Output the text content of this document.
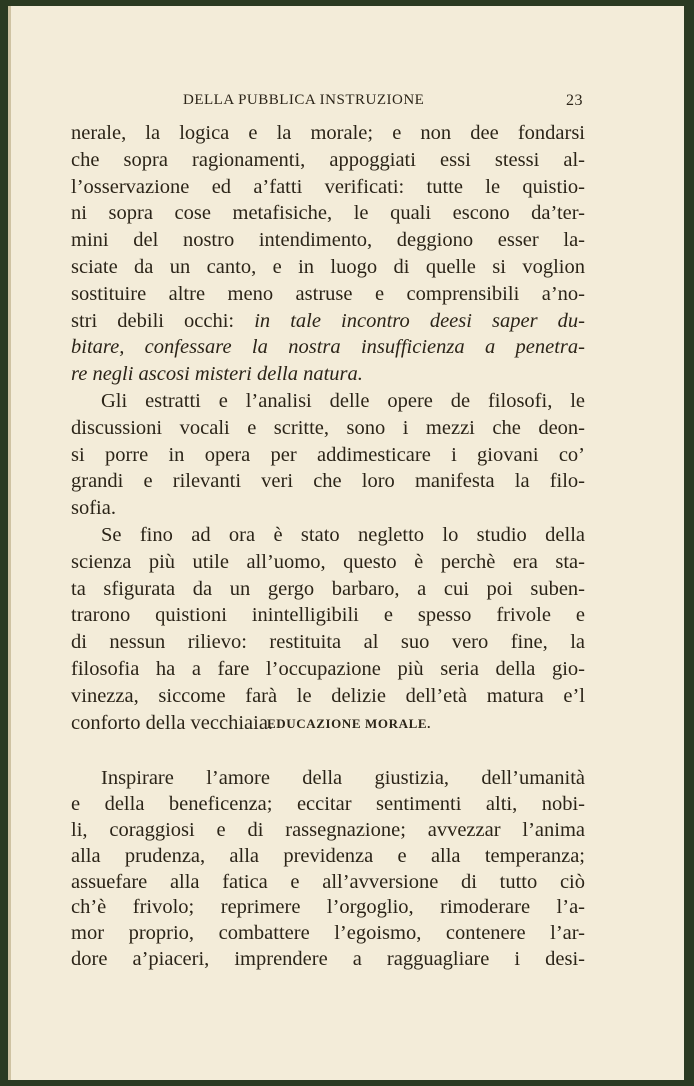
DELLA PUBBLICA INSTRUZIONE	23
nerale, la logica e la morale; e non dee fondarsi
che sopra ragionamenti, appoggiati essi stessi al-
l’osservazione ed a’fatti verificati: tutte le quistio-
ni sopra cose metafisiche, le quali escono da’ter-
mini del nostro intendimento, deggiono esser la-
sciate da un canto, e in luogo di quelle si voglion
sostituire altre meno astruse e comprensibili a’no-
stri debili occhi: in tale incontro deesi saper du-
bitare, confessare la nostra insufficienza a penetra-
re negli ascosi misteri della natura.
Gli estratti e l’analisi delle opere de filosofi, le
discussioni vocali e scritte, sono i mezzi che deon-
si porre in opera per addimesticare i giovani co’
grandi e rilevanti veri che loro manifesta la filo-
sofia.
Se fino ad ora è stato negletto lo studio della
scienza più utile all’uomo, questo è perchè era sta-
ta sfigurata da un gergo barbaro, a cui poi suben-
trarono quistioni inintelligibili e spesso frivole e
di nessun rilievo: restituita al suo vero fine, la
filosofia ha a fare l’occupazione più seria della gio-
vinezza, siccome farà le delizie dell’età matura e’l
conforto della vecchiaia.
EDUCAZIONE MORALE.
Inspirare l’amore della giustizia, dell’umanità
e della beneficenza; eccitar sentimenti alti, nobi-
li, coraggiosi e di rassegnazione; avvezzar l’anima
alla prudenza, alla previdenza e alla temperanza;
assuefare alla fatica e all’avversione di tutto ciò
ch’è frivolo; reprimere l’orgoglio, rimoderare l’a-
mor proprio, combattere l’egoismo, contenere l’ar-
dore a’piaceri, imprendere a ragguagliare i desi-
